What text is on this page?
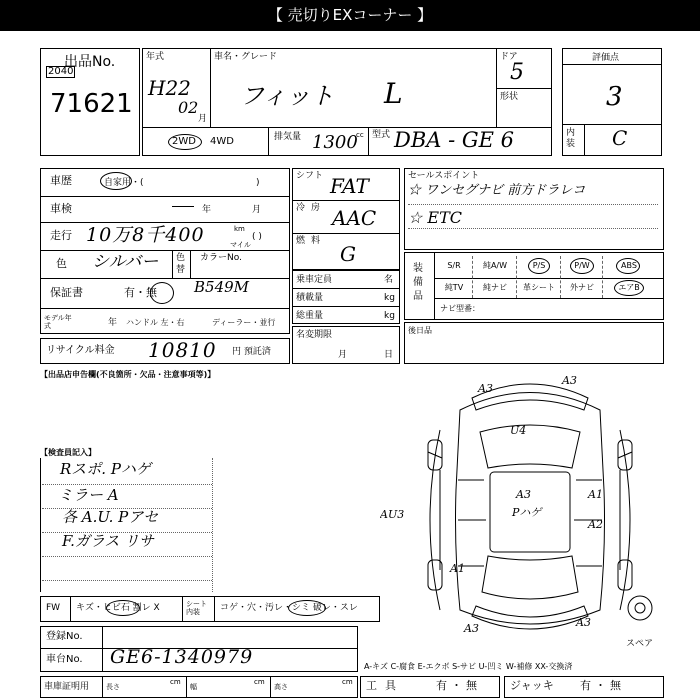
【 売切りEXコーナー 】
出品No.
2040
71621
年式
H22
02
月
車名・グレード
フィット L
ドア
5
形状
2WD 4WD	排気量 1300
cc 型式 DBA - GE 6
評価点
3
内装 C
車歴	自家用・(	)
車検	年	月
走行 10万8千400	km
マイル
( )
色 シルバー 色替
カラーNo.
B549M
保証書	有・無
モデル年式	年 ハンドル 左・右	ディーラー・並行
リサイクル料金 10810 円 預託済
シフト FAT
冷房 AAC
燃料
G
乗車定員	名
積載量	kg
総重量	kg
名変期限
月	日
セールスポイント
☆ ワンセグナビ 前方ドラレコ
☆ ETC
装備品
S/R	純A/W	P/S	P/W	ABS
純TV	純ナビ	革シート	外ナビ	エアB
ナビ型番：
後日品
【出品店申告欄(不良箇所・欠品・注意事項等)】
【検査員記入】
Rスポ. Pハゲ
ミラー A
各 A.U. Pアセ
F.ガラス リサ
A3
A3
U4
A1
A3
Pハゲ
A2
AU3
A1
A3	A3
スペア
FW キズ・ヒビ石 割レ X	シート内装	コゲ・穴・汚レ・シミ 破レ・スレ
登録No.
車台No. GE6-1340979
車庫証明用 長さ
cm
幅
cm
高さ
cm
A-キズ C-腐食 E-エクボ S-サビ U-凹ミ W-補修 XX-交換済
工具	有・無	ジャッキ 有・無
